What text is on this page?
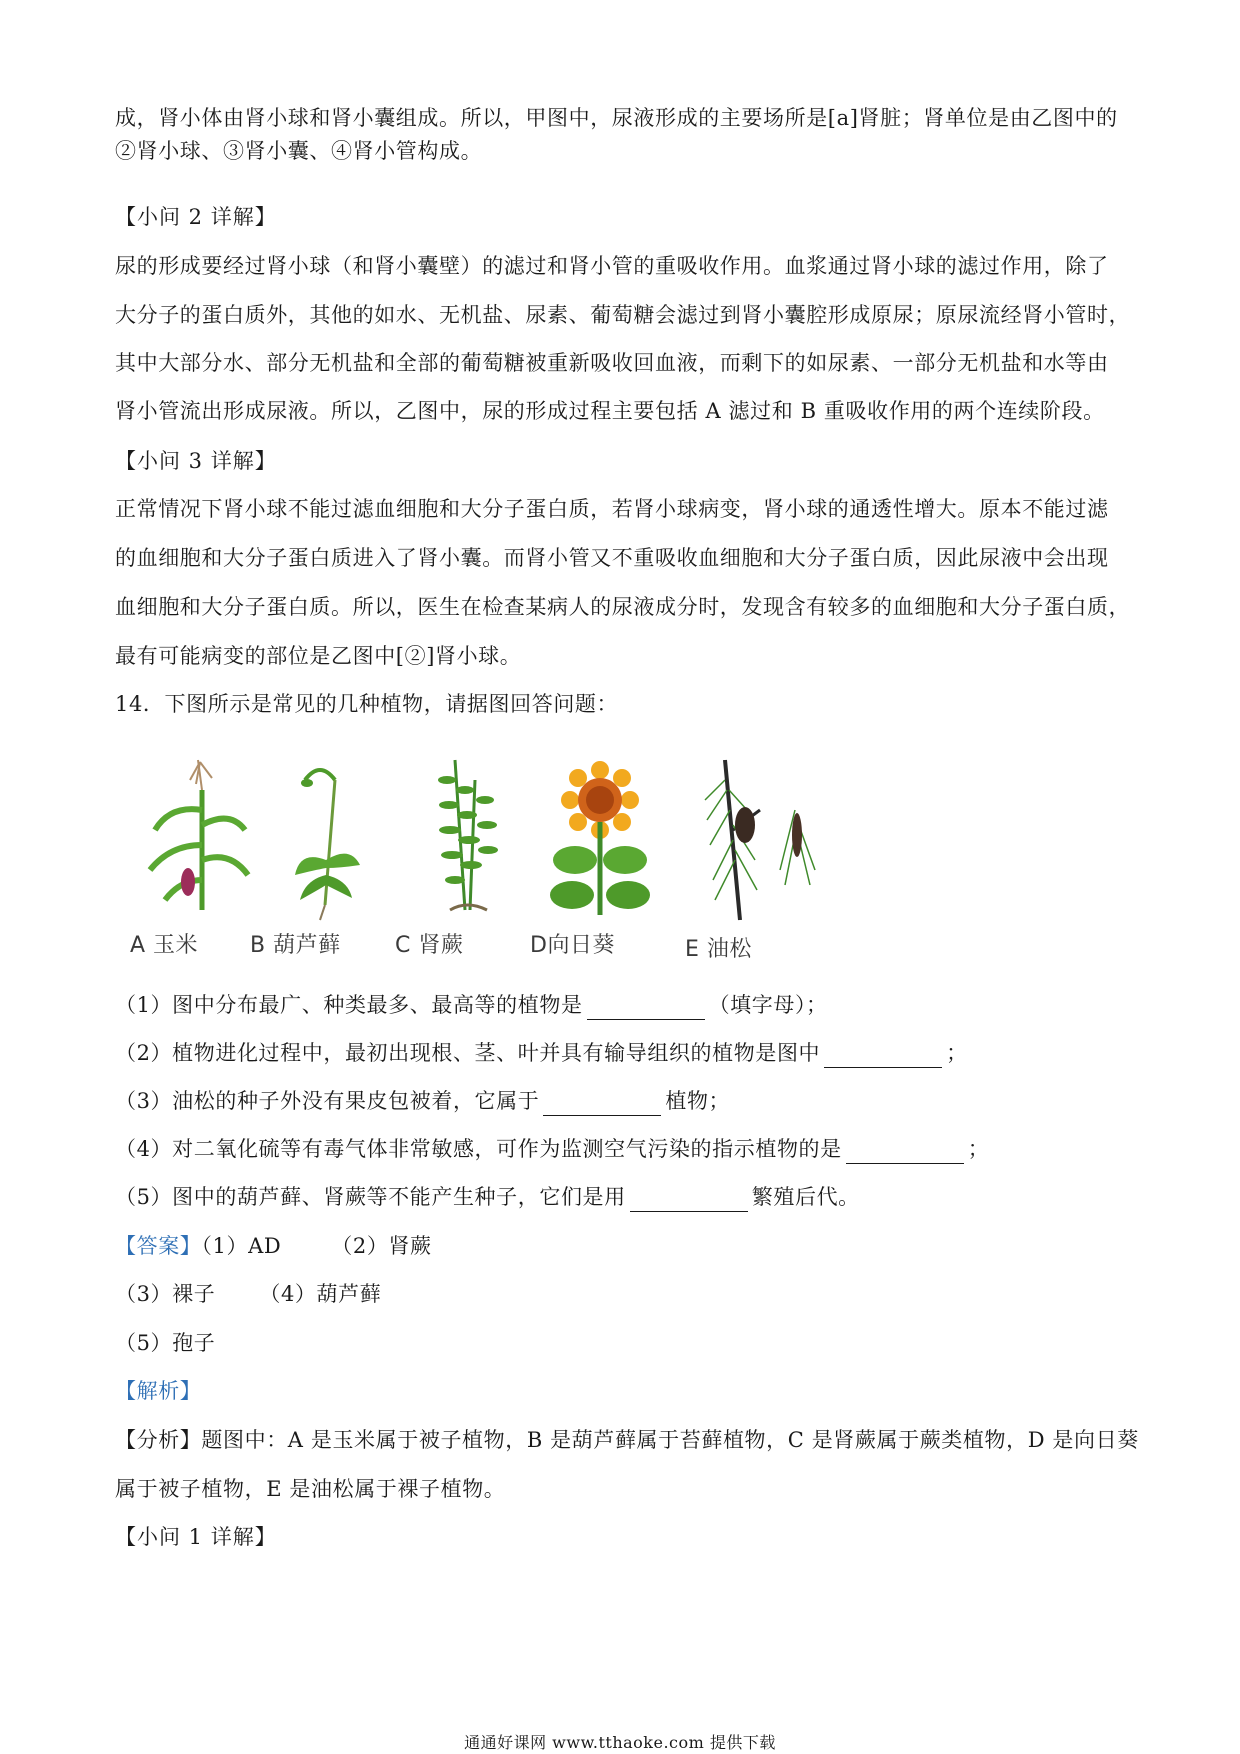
成，肾小体由肾小球和肾小囊组成。所以，甲图中，尿液形成的主要场所是[a]肾脏；肾单位是由乙图中的
②肾小球、③肾小囊、④肾小管构成。
【小问 2 详解】
尿的形成要经过肾小球（和肾小囊壁）的滤过和肾小管的重吸收作用。血浆通过肾小球的滤过作用，除了
大分子的蛋白质外，其他的如水、无机盐、尿素、葡萄糖会滤过到肾小囊腔形成原尿；原尿流经肾小管时，
其中大部分水、部分无机盐和全部的葡萄糖被重新吸收回血液，而剩下的如尿素、一部分无机盐和水等由
肾小管流出形成尿液。所以，乙图中，尿的形成过程主要包括 A 滤过和 B 重吸收作用的两个连续阶段。
【小问 3 详解】
正常情况下肾小球不能过滤血细胞和大分子蛋白质，若肾小球病变，肾小球的通透性增大。原本不能过滤
的血细胞和大分子蛋白质进入了肾小囊。而肾小管又不重吸收血细胞和大分子蛋白质，因此尿液中会出现
血细胞和大分子蛋白质。所以，医生在检查某病人的尿液成分时，发现含有较多的血细胞和大分子蛋白质，
最有可能病变的部位是乙图中[②]肾小球。
14．下图所示是常见的几种植物，请据图回答问题：
A 玉米	B 葫芦藓	C 肾蕨	D向日葵	E 油松
（1）图中分布最广、种类最多、最高等的植物是	（填字母）；
（2）植物进化过程中，最初出现根、茎、叶并具有输导组织的植物是图中	；
（3）油松的种子外没有果皮包被着，它属于	植物；
（4）对二氧化硫等有毒气体非常敏感，可作为监测空气污染的指示植物的是	；
（5）图中的葫芦藓、肾蕨等不能产生种子，它们是用	繁殖后代。
【答案】（1）AD （2）肾蕨
（3）裸子 （4）葫芦藓
（5）孢子
【解析】
【分析】题图中：A 是玉米属于被子植物，B 是葫芦藓属于苔藓植物，C 是肾蕨属于蕨类植物，D 是向日葵
属于被子植物，E 是油松属于裸子植物。
【小问 1 详解】
通通好课网 www.tthaoke.com 提供下载
